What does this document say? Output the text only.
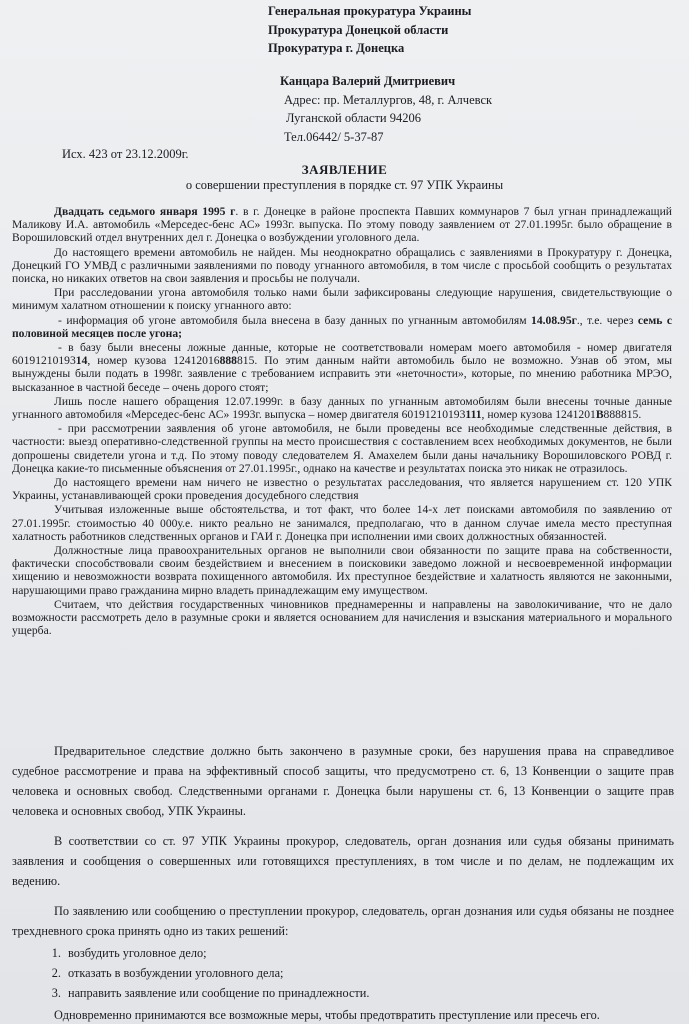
Генеральная прокуратура Украины
Прокуратура Донецкой области
Прокуратура г. Донецка
Канцара Валерий Дмитриевич
Адрес: пр. Металлургов, 48, г. Алчевск
Луганской области 94206
Тел.06442/ 5-37-87
Исх. 423 от 23.12.2009г.
ЗАЯВЛЕНИЕ
о совершении преступления в порядке ст. 97 УПК Украины

Двадцать седьмого января 1995 г. в г. Донецке в районе проспекта Павших коммунаров 7 был угнан принадлежащий Маликову И.А. автомобиль «Мерседес-бенс АС» 1993г. выпуска. По этому поводу заявлением от 27.01.1995г. было обращение в Ворошиловский отдел внутренних дел г. Донецка о возбуждении уголовного дела.

До настоящего времени автомобиль не найден. Мы неоднократно обращались с заявлениями в Прокуратуру г. Донецка, Донецкий ГО УМВД с различными заявлениями по поводу угнанного автомобиля, в том числе с просьбой сообщить о результатах поиска, но никаких ответов на свои заявления и просьбы не получали.

При расследовании угона автомобиля только нами были зафиксированы следующие нарушения, свидетельствующие о минимум халатном отношении к поиску угнанного авто:

- информация об угоне автомобиля была внесена в базу данных по угнанным автомобилям 14.08.95г., т.е. через семь с половиной месяцев после угона;

- в базу были внесены ложные данные, которые не соответствовали номерам моего автомобиля - номер двигателя 6019121019314, номер кузова 12412016888815. По этим данным найти автомобиль было не возможно. Узнав об этом, мы вынуждены были подать в 1998г. заявление с требованием исправить эти «неточности», которые, по мнению работника МРЭО, высказанное в частной беседе – очень дорого стоят;

Лишь после нашего обращения 12.07.1999г. в базу данных по угнанным автомобилям были внесены точные данные угнанного автомобиля «Мерседес-бенс АС» 1993г. выпуска – номер двигателя 60191210193111, номер кузова 1241201В888815.

- при рассмотрении заявления об угоне автомобиля, не были проведены все необходимые следственные действия, в частности: выезд оперативно-следственной группы на место происшествия с составлением всех необходимых документов, не были допрошены свидетели угона и т.д. По этому поводу следователем Я. Амахелем были даны начальнику Ворошиловского РОВД г. Донецка какие-то письменные объяснения от 27.01.1995г., однако на качестве и результатах поиска это никак не отразилось.

До настоящего времени нам ничего не известно о результатах расследования, что является нарушением ст. 120 УПК Украины, устанавливающей сроки проведения досудебного следствия

Учитывая изложенные выше обстоятельства, и тот факт, что более 14-х лет поисками автомобиля по заявлению от 27.01.1995г. стоимостью 40 000у.е. никто реально не занимался, предполагаю, что в данном случае имела место преступная халатность работников следственных органов и ГАИ г. Донецка при исполнении ими своих должностных обязанностей.

Должностные лица правоохранительных органов не выполнили свои обязанности по защите права на собственности, фактически способствовали своим бездействием и внесением в поисковики заведомо ложной и несвоевременной информации хищению и невозможности возврата похищенного автомобиля. Их преступное бездействие и халатность являются не законными, нарушающими право гражданина мирно владеть принадлежащим ему имуществом.

Считаем, что действия государственных чиновников преднамеренны и направлены на заволокичивание, что не дало возможности рассмотреть дело в разумные сроки и является основанием для начисления и взыскания материального и морального ущерба.

Предварительное следствие должно быть закончено в разумные сроки, без нарушения права на справедливое судебное рассмотрение и права на эффективный способ защиты, что предусмотрено ст. 6, 13 Конвенции о защите прав человека и основных свобод. Следственными органами г. Донецка были нарушены ст. 6, 13 Конвенции о защите прав человека и основных свобод, УПК Украины.

В соответствии со ст. 97 УПК Украины прокурор, следователь, орган дознания или судья обязаны принимать заявления и сообщения о совершенных или готовящихся преступлениях, в том числе и по делам, не подлежащим их ведению.

По заявлению или сообщению о преступлении прокурор, следователь, орган дознания или судья обязаны не позднее трехдневного срока принять одно из таких решений:

1. возбудить уголовное дело;
2. отказать в возбуждении уголовного дела;
3. направить заявление или сообщение по принадлежности.

Одновременно принимаются все возможные меры, чтобы предотвратить преступление или пресечь его.
